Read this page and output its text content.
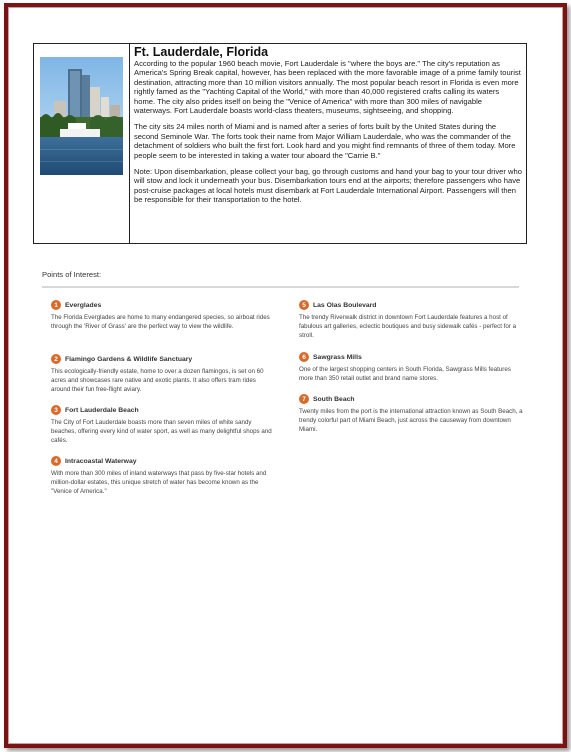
Ft. Lauderdale, Florida

According to the popular 1960 beach movie, Fort Lauderdale is "where the boys are." The city's reputation as America's Spring Break capital, however, has been replaced with the more favorable image of a prime family tourist destination, attracting more than 10 million visitors annually. The most popular beach resort in Florida is even more rightly famed as the "Yachting Capital of the World," with more than 40,000 registered crafts calling its waters home. The city also prides itself on being the "Venice of America" with more than 300 miles of navigable waterways. Fort Lauderdale boasts world-class theaters, museums, sightseeing, and shopping.

The city sits 24 miles north of Miami and is named after a series of forts built by the United States during the second Seminole War. The forts took their name from Major William Lauderdale, who was the commander of the detachment of soldiers who built the first fort. Look hard and you might find remnants of three of them today. More people seem to be interested in taking a water tour aboard the "Carrie B."

Note: Upon disembarkation, please collect your bag, go through customs and hand your bag to your tour driver who will stow and lock it underneath your bus. Disembarkation tours end at the airports; therefore passengers who have post-cruise packages at local hotels must disembark at Fort Lauderdale International Airport. Passengers will then be responsible for their transportation to the hotel.

Points of Interest:
1	Everglades

The Florida Everglades are home to many endangered species, so airboat rides through the 'River of Grass' are the perfect way to view the wildlife.

2	Flamingo Gardens & Wildlife Sanctuary

This ecologically-friendly estate, home to over a dozen flamingos, is set on 60 acres and showcases rare native and exotic plants. It also offers tram rides around their fun free-flight aviary.

3	Fort Lauderdale Beach

The City of Fort Lauderdale boasts more than seven miles of white sandy beaches, offering every kind of water sport, as well as many delightful shops and cafés.

4	Intracoastal Waterway

With more than 300 miles of inland waterways that pass by five-star hotels and million-dollar estates, this unique stretch of water has become known as the "Venice of America."

5	Las Olas Boulevard

The trendy Riverwalk district in downtown Fort Lauderdale features a host of fabulous art galleries, eclectic boutiques and busy sidewalk cafés - perfect for a stroll.

6	Sawgrass Mills

One of the largest shopping centers in South Florida, Sawgrass Mills features more than 350 retail outlet and brand name stores.

7	South Beach

Twenty miles from the port is the international attraction known as South Beach, a trendy colorful part of Miami Beach, just across the causeway from downtown Miami.
